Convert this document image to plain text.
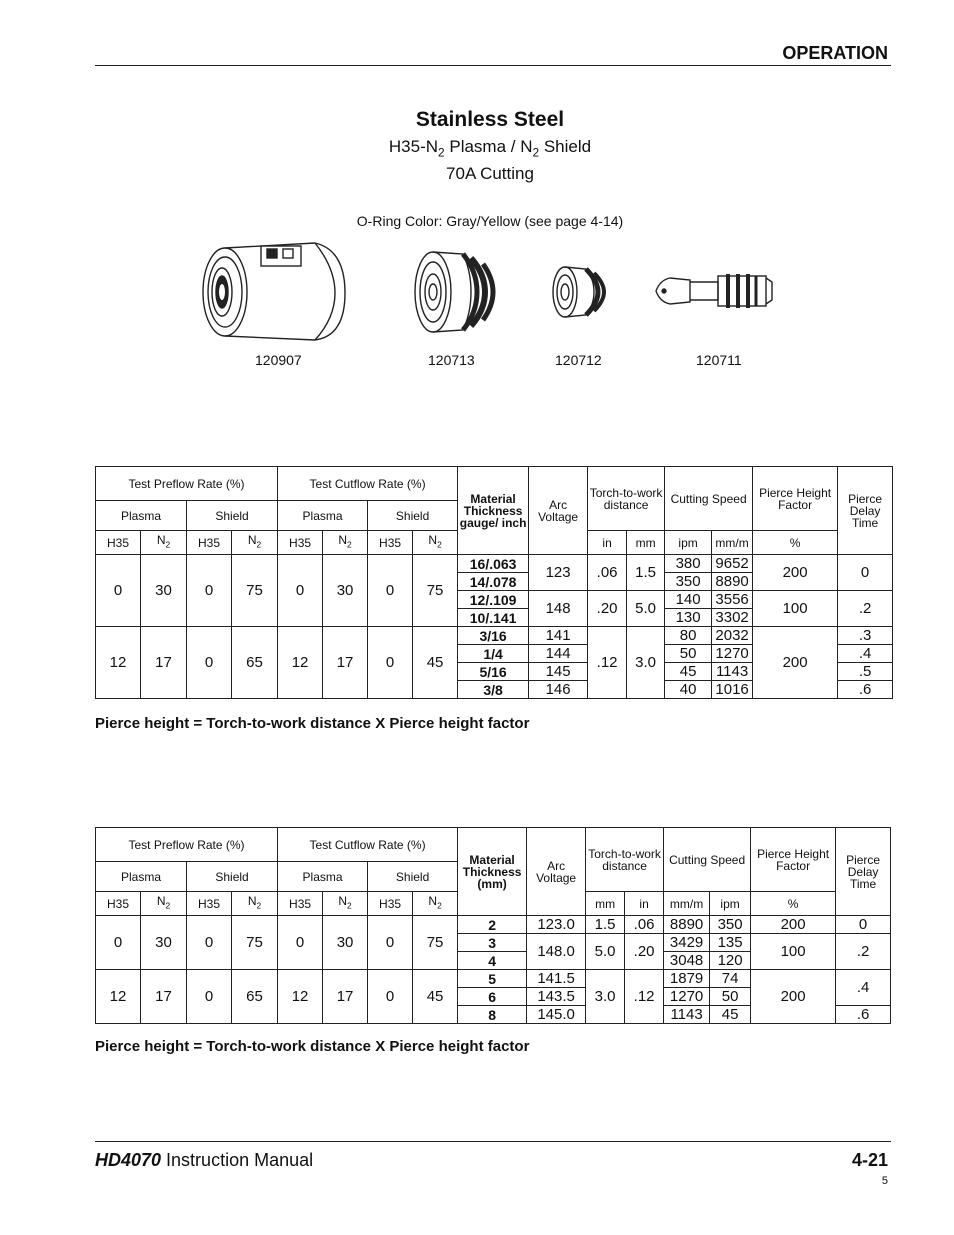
OPERATION
Stainless Steel
$H35-N_2$ Plasma / $N_2$ Shield
70A Cutting
O-Ring Color: Gray/Yellow (see page 4-14)
120907	120713	120712	120711
Test Preflow Rate (%)				Test Cutflow Rate (%)				Material Thickness gauge/ inch	Arc Voltage	Torch-to-work distance		Cutting Speed		Pierce Height Factor	Pierce Delay Time
Plasma		Shield		Plasma		Shield									
H35	$N_2$	H35	$N_2$	H35	$N_2$	H35	$N_2$			in	mm	ipm	mm/m	%	
0	30	0	75	0	30	0	75	16/.063	123	.06	1.5	380	9652	200	0
								14/.078				350	8890		
								12/.109	148	.20	5.0	140	3556	100	.2
								10/.141				130	3302		
12	17	0	65	12	17	0	45	3/16	141	.12	3.0	80	2032	200	.3
								1/4	144			50	1270		.4
								5/16	145			45	1143		.5
								3/8	146			40	1016		.6
Pierce height = Torch-to-work distance X Pierce height factor
Test Preflow Rate (%)				Test Cutflow Rate (%)				Material Thickness (mm)	Arc Voltage	Torch-to-work distance		Cutting Speed		Pierce Height Factor	Pierce Delay Time
Plasma		Shield		Plasma		Shield									
H35	$N_2$	H35	$N_2$	H35	$N_2$	H35	$N_2$			mm	in	mm/m	ipm	%	
0	30	0	75	0	30	0	75	2	123.0	1.5	.06	8890	350	200	0
								3	148.0	5.0	.20	3429	135	100	.2
								4				3048	120		
12	17	0	65	12	17	0	45	5	141.5	3.0	.12	1879	74	200	.4
								6	143.5			1270	50		
								8	145.0			1143	45		.6
Pierce height = Torch-to-work distance X Pierce height factor
HD4070 Instruction Manual	4-21
5
